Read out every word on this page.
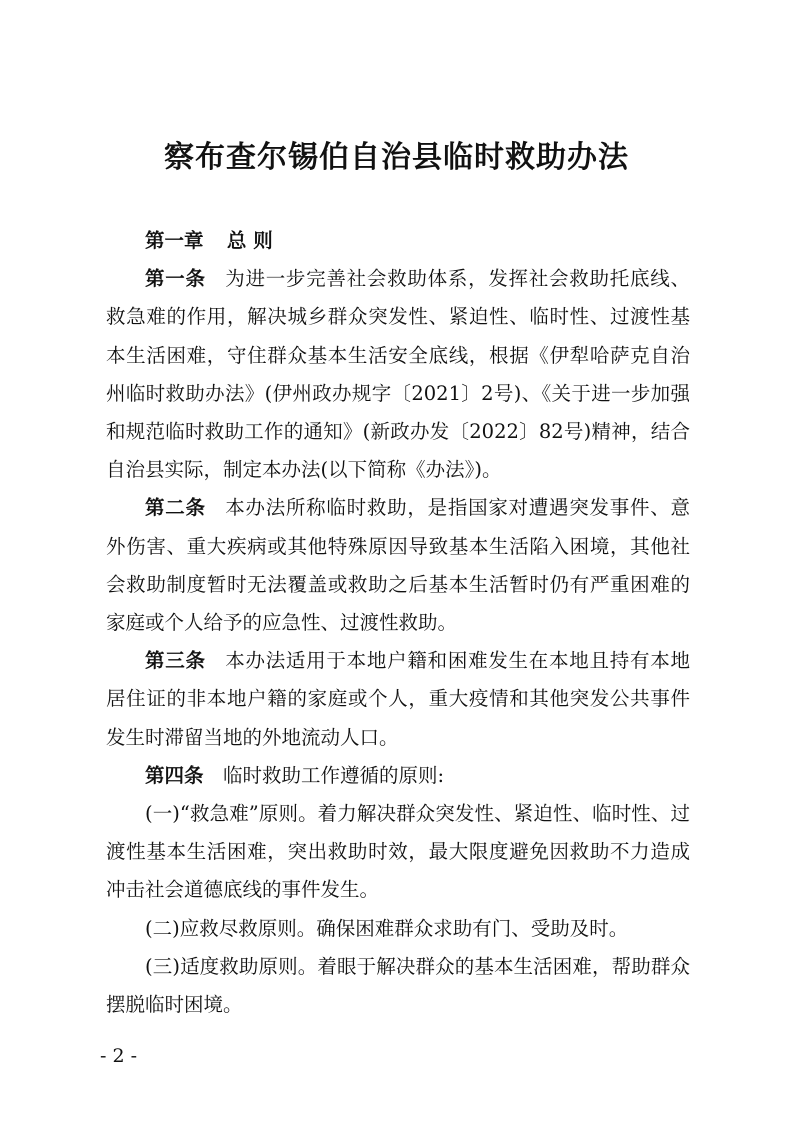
察布查尔锡伯自治县临时救助办法

第一章 总 则

第一条 为进一步完善社会救助体系，发挥社会救助托底线、救急难的作用，解决城乡群众突发性、紧迫性、临时性、过渡性基本生活困难，守住群众基本生活安全底线，根据《伊犁哈萨克自治州临时救助办法》(伊州政办规字〔2021〕2号)、《关于进一步加强和规范临时救助工作的通知》(新政办发〔2022〕82号)精神，结合自治县实际，制定本办法(以下简称《办法》)。

第二条 本办法所称临时救助，是指国家对遭遇突发事件、意外伤害、重大疾病或其他特殊原因导致基本生活陷入困境，其他社会救助制度暂时无法覆盖或救助之后基本生活暂时仍有严重困难的家庭或个人给予的应急性、过渡性救助。

第三条 本办法适用于本地户籍和困难发生在本地且持有本地居住证的非本地户籍的家庭或个人，重大疫情和其他突发公共事件发生时滞留当地的外地流动人口。

第四条 临时救助工作遵循的原则:

(一)“救急难”原则。着力解决群众突发性、紧迫性、临时性、过渡性基本生活困难，突出救助时效，最大限度避免因救助不力造成冲击社会道德底线的事件发生。

(二)应救尽救原则。确保困难群众求助有门、受助及时。

(三)适度救助原则。着眼于解决群众的基本生活困难，帮助群众摆脱临时困境。

- 2 -
